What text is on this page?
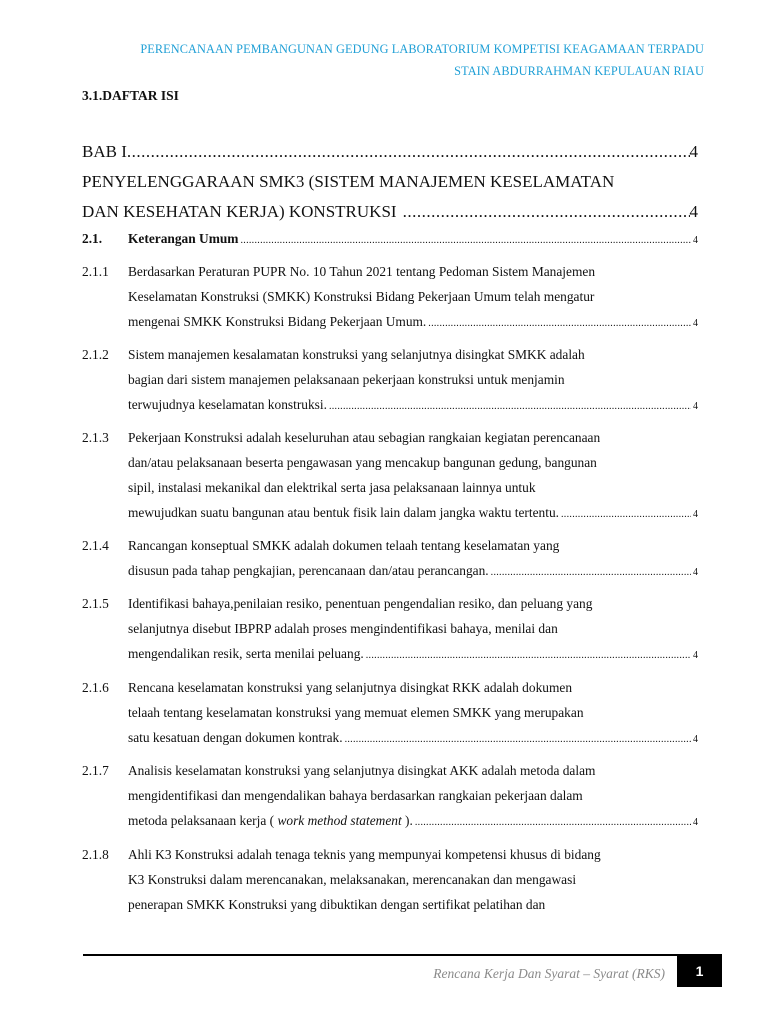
PERENCANAAN PEMBANGUNAN GEDUNG LABORATORIUM KOMPETISI KEAGAMAAN TERPADU
STAIN ABDURRAHMAN KEPULAUAN RIAU
3.1.DAFTAR ISI
BAB I .....	4
PENYELENGGARAAN SMK3 (SISTEM MANAJEMEN KESELAMATAN
DAN KESEHATAN KERJA) KONSTRUKSI .....	4
2.1.	Keterangan Umum .....	4
2.1.1	Berdasarkan Peraturan PUPR No. 10 Tahun 2021 tentang Pedoman Sistem Manajemen
Keselamatan Konstruksi (SMKK) Konstruksi Bidang Pekerjaan Umum telah mengatur
mengenai SMKK Konstruksi Bidang Pekerjaan Umum. .....	4
2.1.2	Sistem manajemen kesalamatan konstruksi yang selanjutnya disingkat SMKK adalah
bagian dari sistem manajemen pelaksanaan pekerjaan konstruksi untuk menjamin
terwujudnya keselamatan konstruksi. .....	4
2.1.3	Pekerjaan Konstruksi adalah keseluruhan atau sebagian rangkaian kegiatan perencanaan
dan/atau pelaksanaan beserta pengawasan yang mencakup bangunan gedung, bangunan
sipil, instalasi mekanikal dan elektrikal serta jasa pelaksanaan lainnya untuk
mewujudkan suatu bangunan atau bentuk fisik lain dalam jangka waktu tertentu. .....	4
2.1.4	Rancangan konseptual SMKK adalah dokumen telaah tentang keselamatan yang
disusun pada tahap pengkajian, perencanaan dan/atau perancangan. .....	4
2.1.5	Identifikasi bahaya,penilaian resiko, penentuan pengendalian resiko, dan peluang yang
selanjutnya disebut IBPRP adalah proses mengindentifikasi bahaya, menilai dan
mengendalikan resik, serta menilai peluang. .....	4
2.1.6	Rencana keselamatan konstruksi yang selanjutnya disingkat RKK adalah dokumen
telaah tentang keselamatan konstruksi yang memuat elemen SMKK yang merupakan
satu kesatuan dengan dokumen kontrak. .....	4
2.1.7	Analisis keselamatan konstruksi yang selanjutnya disingkat AKK adalah metoda dalam
mengidentifikasi dan mengendalikan bahaya berdasarkan rangkaian pekerjaan dalam
metoda pelaksanaan kerja ( work method statement ). .....	4
2.1.8	Ahli K3 Konstruksi adalah tenaga teknis yang mempunyai kompetensi khusus di bidang
K3 Konstruksi dalam merencanakan, melaksanakan, merencanakan dan mengawasi
penerapan SMKK Konstruksi yang dibuktikan dengan sertifikat pelatihan dan
Rencana Kerja Dan Syarat – Syarat (RKS)	1
